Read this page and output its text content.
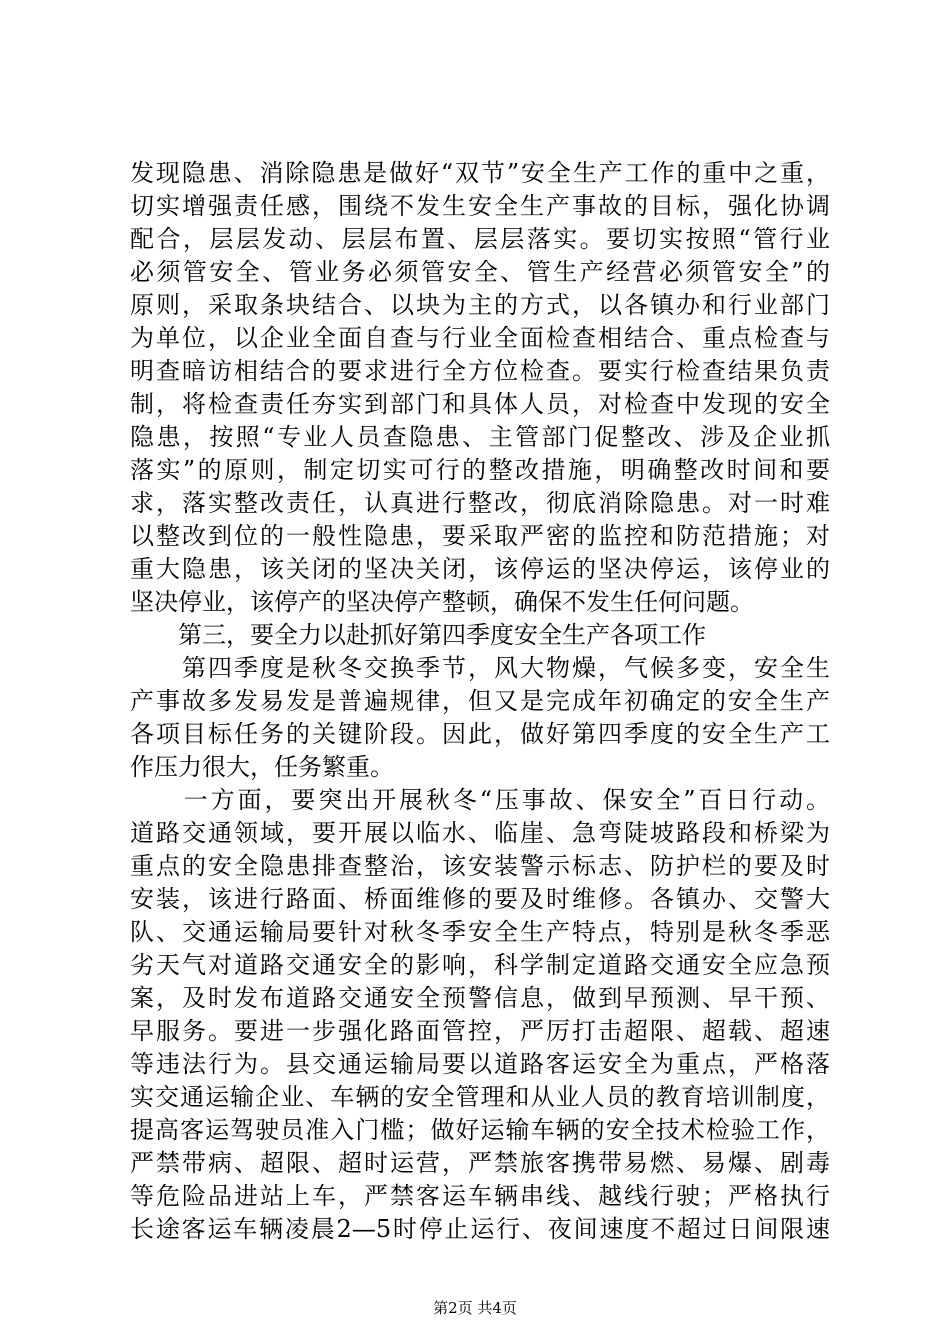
发现隐患、消除隐患是做好“双节”安全生产工作的重中之重，
切实增强责任感，围绕不发生安全生产事故的目标，强化协调
配合，层层发动、层层布置、层层落实。要切实按照“管行业
必须管安全、管业务必须管安全、管生产经营必须管安全”的
原则，采取条块结合、以块为主的方式，以各镇办和行业部门
为单位，以企业全面自查与行业全面检查相结合、重点检查与
明查暗访相结合的要求进行全方位检查。要实行检查结果负责
制，将检查责任夯实到部门和具体人员，对检查中发现的安全
隐患，按照“专业人员查隐患、主管部门促整改、涉及企业抓
落实”的原则，制定切实可行的整改措施，明确整改时间和要
求，落实整改责任，认真进行整改，彻底消除隐患。对一时难
以整改到位的一般性隐患，要采取严密的监控和防范措施；对
重大隐患，该关闭的坚决关闭，该停运的坚决停运，该停业的
坚决停业，该停产的坚决停产整顿，确保不发生任何问题。
　　第三，要全力以赴抓好第四季度安全生产各项工作
　　第四季度是秋冬交换季节，风大物燥，气候多变，安全生
产事故多发易发是普遍规律，但又是完成年初确定的安全生产
各项目标任务的关键阶段。因此，做好第四季度的安全生产工
作压力很大，任务繁重。
　　一方面，要突出开展秋冬“压事故、保安全”百日行动。
道路交通领域，要开展以临水、临崖、急弯陡坡路段和桥梁为
重点的安全隐患排查整治，该安装警示标志、防护栏的要及时
安装，该进行路面、桥面维修的要及时维修。各镇办、交警大
队、交通运输局要针对秋冬季安全生产特点，特别是秋冬季恶
劣天气对道路交通安全的影响，科学制定道路交通安全应急预
案，及时发布道路交通安全预警信息，做到早预测、早干预、
早服务。要进一步强化路面管控，严厉打击超限、超载、超速
等违法行为。县交通运输局要以道路客运安全为重点，严格落
实交通运输企业、车辆的安全管理和从业人员的教育培训制度，
提高客运驾驶员准入门槛；做好运输车辆的安全技术检验工作，
严禁带病、超限、超时运营，严禁旅客携带易燃、易爆、剧毒
等危险品进站上车，严禁客运车辆串线、越线行驶；严格执行
长途客运车辆凌晨2—5时停止运行、夜间速度不超过日间限速
第2页 共4页
